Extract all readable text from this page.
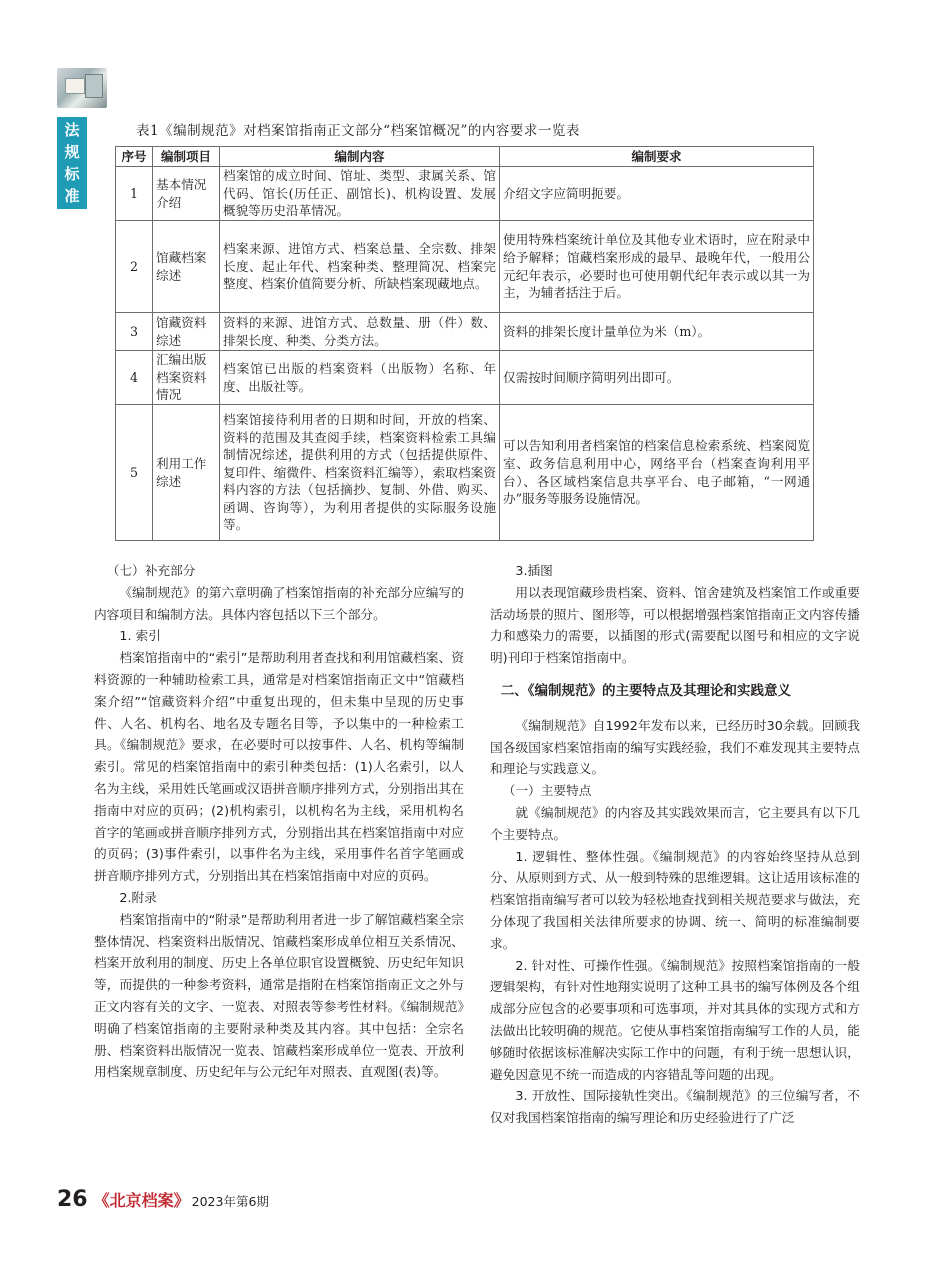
法
规
标
准
表1《编制规范》对档案馆指南正文部分“档案馆概况”的内容要求一览表
序号	编制项目	编制内容	编制要求
1	基本情况介绍	档案馆的成立时间、馆址、类型、隶属关系、馆代码、馆长(历任正、副馆长)、机构设置、发展概貌等历史沿革情况。	介绍文字应简明扼要。
2	馆藏档案综述	档案来源、进馆方式、档案总量、全宗数、排架长度、起止年代、档案种类、整理简况、档案完整度、档案价值简要分析、所缺档案现藏地点。	使用特殊档案统计单位及其他专业术语时，应在附录中给予解释；馆藏档案形成的最早、最晚年代，一般用公元纪年表示，必要时也可使用朝代纪年表示或以其一为主，为辅者括注于后。
3	馆藏资料综述	资料的来源、进馆方式、总数量、册（件）数、排架长度、种类、分类方法。	资料的排架长度计量单位为米（m）。
4	汇编出版档案资料情况	档案馆已出版的档案资料（出版物）名称、年度、出版社等。	仅需按时间顺序简明列出即可。
5	利用工作综述	档案馆接待利用者的日期和时间，开放的档案、资料的范围及其查阅手续，档案资料检索工具编制情况综述，提供利用的方式（包括提供原件、复印件、缩微件、档案资料汇编等），索取档案资料内容的方法（包括摘抄、复制、外借、购买、函调、咨询等），为利用者提供的实际服务设施等。	可以告知利用者档案馆的档案信息检索系统、档案阅览室、政务信息利用中心，网络平台（档案查询利用平台）、各区域档案信息共享平台、电子邮箱，“一网通办”服务等服务设施情况。

（七）补充部分

《编制规范》的第六章明确了档案馆指南的补充部分应编写的内容项目和编制方法。具体内容包括以下三个部分。

1. 索引

档案馆指南中的“索引”是帮助利用者查找和利用馆藏档案、资料资源的一种辅助检索工具，通常是对档案馆指南正文中“馆藏档案介绍”“馆藏资料介绍”中重复出现的，但未集中呈现的历史事件、人名、机构名、地名及专题名目等，予以集中的一种检索工具。《编制规范》要求，在必要时可以按事件、人名、机构等编制索引。常见的档案馆指南中的索引种类包括：(1)人名索引，以人名为主线，采用姓氏笔画或汉语拼音顺序排列方式，分别指出其在指南中对应的页码；(2)机构索引，以机构名为主线，采用机构名首字的笔画或拼音顺序排列方式，分别指出其在档案馆指南中对应的页码；(3)事件索引，以事件名为主线，采用事件名首字笔画或拼音顺序排列方式，分别指出其在档案馆指南中对应的页码。

2.附录

档案馆指南中的“附录”是帮助利用者进一步了解馆藏档案全宗整体情况、档案资料出版情况、馆藏档案形成单位相互关系情况、档案开放利用的制度、历史上各单位职官设置概貌、历史纪年知识等，而提供的一种参考资料，通常是指附在档案馆指南正文之外与正文内容有关的文字、一览表、对照表等参考性材料。《编制规范》明确了档案馆指南的主要附录种类及其内容。其中包括：全宗名册、档案资料出版情况一览表、馆藏档案形成单位一览表、开放利用档案规章制度、历史纪年与公元纪年对照表、直观图(表)等。

3.插图

用以表现馆藏珍贵档案、资料、馆舍建筑及档案馆工作或重要活动场景的照片、图形等，可以根据增强档案馆指南正文内容传播力和感染力的需要，以插图的形式(需要配以图号和相应的文字说明)刊印于档案馆指南中。

二、《编制规范》的主要特点及其理论和实践意义

《编制规范》自1992年发布以来，已经历时30余载。回顾我国各级国家档案馆指南的编写实践经验，我们不难发现其主要特点和理论与实践意义。

（一）主要特点

就《编制规范》的内容及其实践效果而言，它主要具有以下几个主要特点。

1. 逻辑性、整体性强。《编制规范》的内容始终坚持从总到分、从原则到方式、从一般到特殊的思维逻辑。这让适用该标准的档案馆指南编写者可以较为轻松地查找到相关规范要求与做法，充分体现了我国相关法律所要求的协调、统一、简明的标准编制要求。

2. 针对性、可操作性强。《编制规范》按照档案馆指南的一般逻辑架构，有针对性地翔实说明了这种工具书的编写体例及各个组成部分应包含的必要事项和可选事项，并对其具体的实现方式和方法做出比较明确的规范。它使从事档案馆指南编写工作的人员，能够随时依据该标准解决实际工作中的问题，有利于统一思想认识，避免因意见不统一而造成的内容错乱等问题的出现。

3. 开放性、国际接轨性突出。《编制规范》的三位编写者，不仅对我国档案馆指南的编写理论和历史经验进行了广泛

26 《北京档案》 2023年第6期
